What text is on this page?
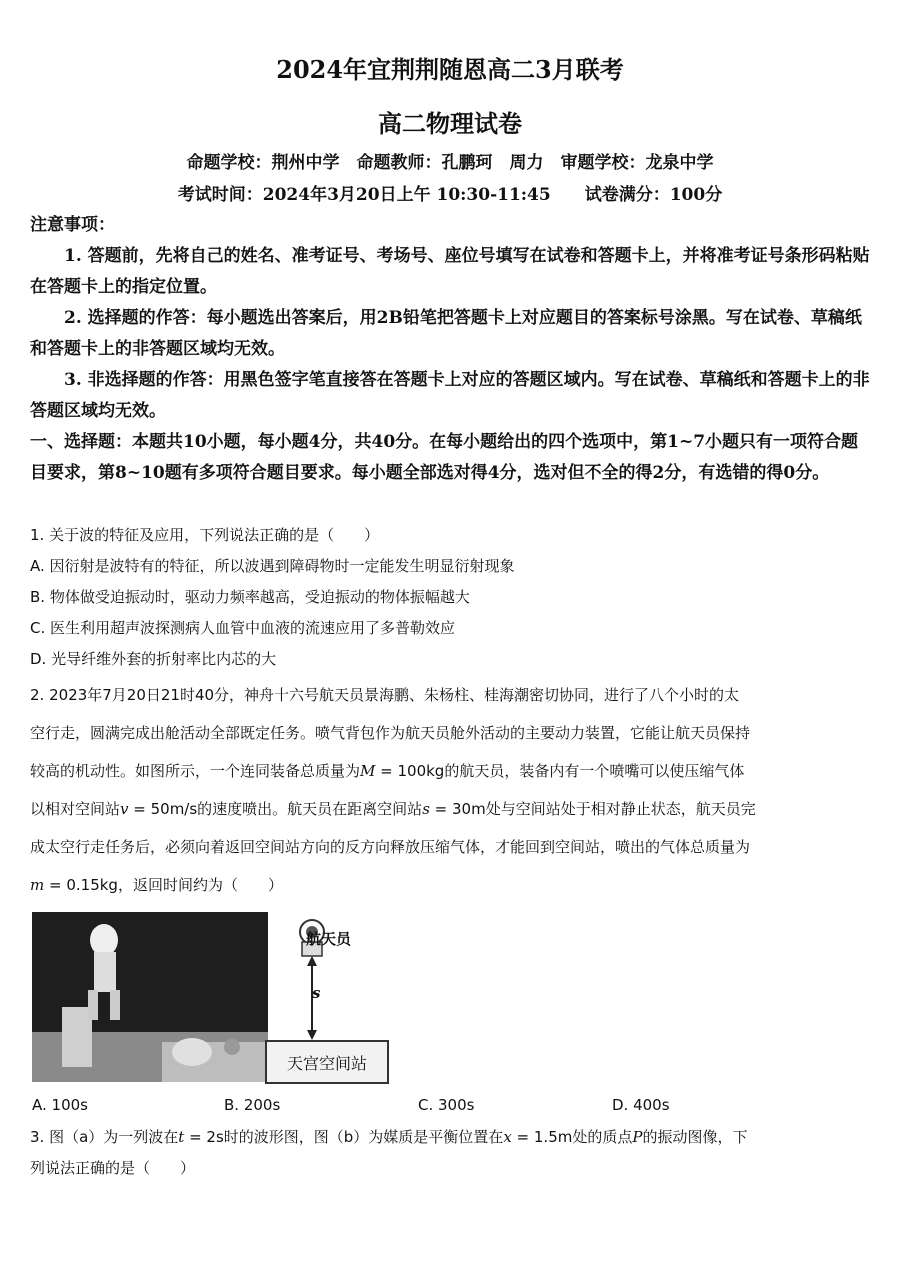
2024年宜荆荆随恩高二3月联考
高二物理试卷
命题学校：荆州中学　命题教师：孔鹏珂　周力　审题学校：龙泉中学
考试时间：2024年3月20日上午 10:30-11:45　　试卷满分：100分

注意事项：

1. 答题前，先将自己的姓名、准考证号、考场号、座位号填写在试卷和答题卡上，并将准考证号条形码粘贴在答题卡上的指定位置。

2. 选择题的作答：每小题选出答案后，用2B铅笔把答题卡上对应题目的答案标号涂黑。写在试卷、草稿纸和答题卡上的非答题区域均无效。

3. 非选择题的作答：用黑色签字笔直接答在答题卡上对应的答题区域内。写在试卷、草稿纸和答题卡上的非答题区域均无效。

一、选择题：本题共10小题，每小题4分，共40分。在每小题给出的四个选项中，第1~7小题只有一项符合题目要求，第8~10题有多项符合题目要求。每小题全部选对得4分，选对但不全的得2分，有选错的得0分。

1. 关于波的特征及应用，下列说法正确的是（　　）

A. 因衍射是波特有的特征，所以波遇到障碍物时一定能发生明显衍射现象

B. 物体做受迫振动时，驱动力频率越高，受迫振动的物体振幅越大

C. 医生利用超声波探测病人血管中血液的流速应用了多普勒效应

D. 光导纤维外套的折射率比内芯的大

2. 2023年7月20日21时40分，神舟十六号航天员景海鹏、朱杨柱、桂海潮密切协同，进行了八个小时的太

空行走，圆满完成出舱活动全部既定任务。喷气背包作为航天员舱外活动的主要动力装置，它能让航天员保持

较高的机动性。如图所示，一个连同装备总质量为M = 100kg的航天员，装备内有一个喷嘴可以使压缩气体

以相对空间站v = 50m/s的速度喷出。航天员在距离空间站s = 30m处与空间站处于相对静止状态，航天员完

成太空行走任务后，必须向着返回空间站方向的反方向释放压缩气体，才能回到空间站，喷出的气体总质量为

m = 0.15kg，返回时间约为（　　）

航天员
s
天宫空间站
A. 100s	B. 200s	C. 300s	D. 400s

3. 图（a）为一列波在t = 2s时的波形图，图（b）为媒质是平衡位置在x = 1.5m处的质点P的振动图像，下

列说法正确的是（　　）
